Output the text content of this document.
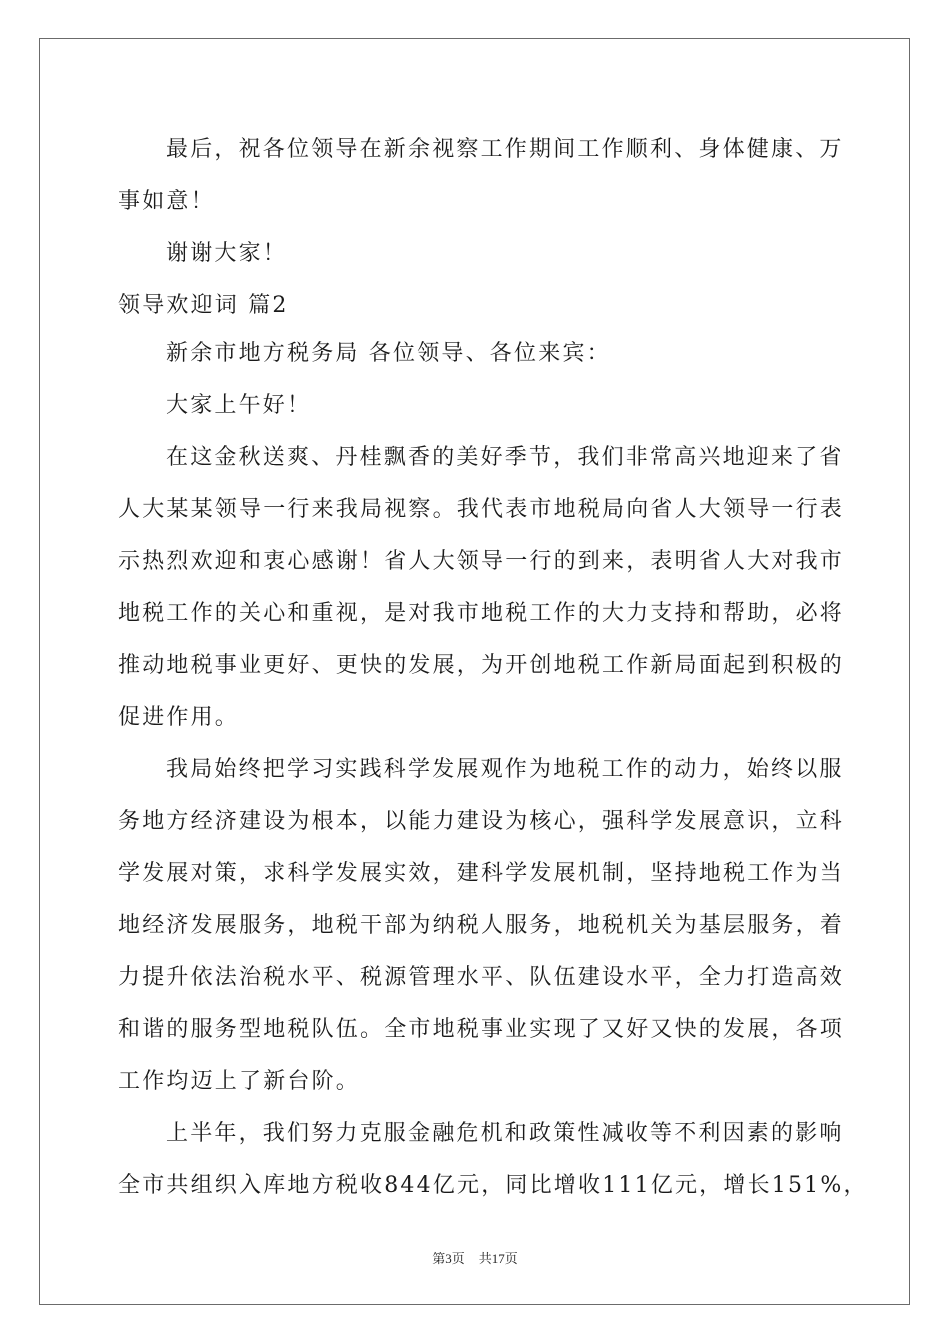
最后，祝各位领导在新余视察工作期间工作顺利、身体健康、万
事如意！
谢谢大家！
领导欢迎词 篇2
新余市地方税务局 各位领导、各位来宾：
大家上午好！
在这金秋送爽、丹桂飘香的美好季节，我们非常高兴地迎来了省
人大某某领导一行来我局视察。我代表市地税局向省人大领导一行表
示热烈欢迎和衷心感谢！省人大领导一行的到来，表明省人大对我市
地税工作的关心和重视，是对我市地税工作的大力支持和帮助，必将
推动地税事业更好、更快的发展，为开创地税工作新局面起到积极的
促进作用。
我局始终把学习实践科学发展观作为地税工作的动力，始终以服
务地方经济建设为根本，以能力建设为核心，强科学发展意识，立科
学发展对策，求科学发展实效，建科学发展机制，坚持地税工作为当
地经济发展服务，地税干部为纳税人服务，地税机关为基层服务，着
力提升依法治税水平、税源管理水平、队伍建设水平，全力打造高效
和谐的服务型地税队伍。全市地税事业实现了又好又快的发展，各项
工作均迈上了新台阶。
上半年，我们努力克服金融危机和政策性减收等不利因素的影响
全市共组织入库地方税收844亿元，同比增收111亿元，增长151%，
第3页 共17页
